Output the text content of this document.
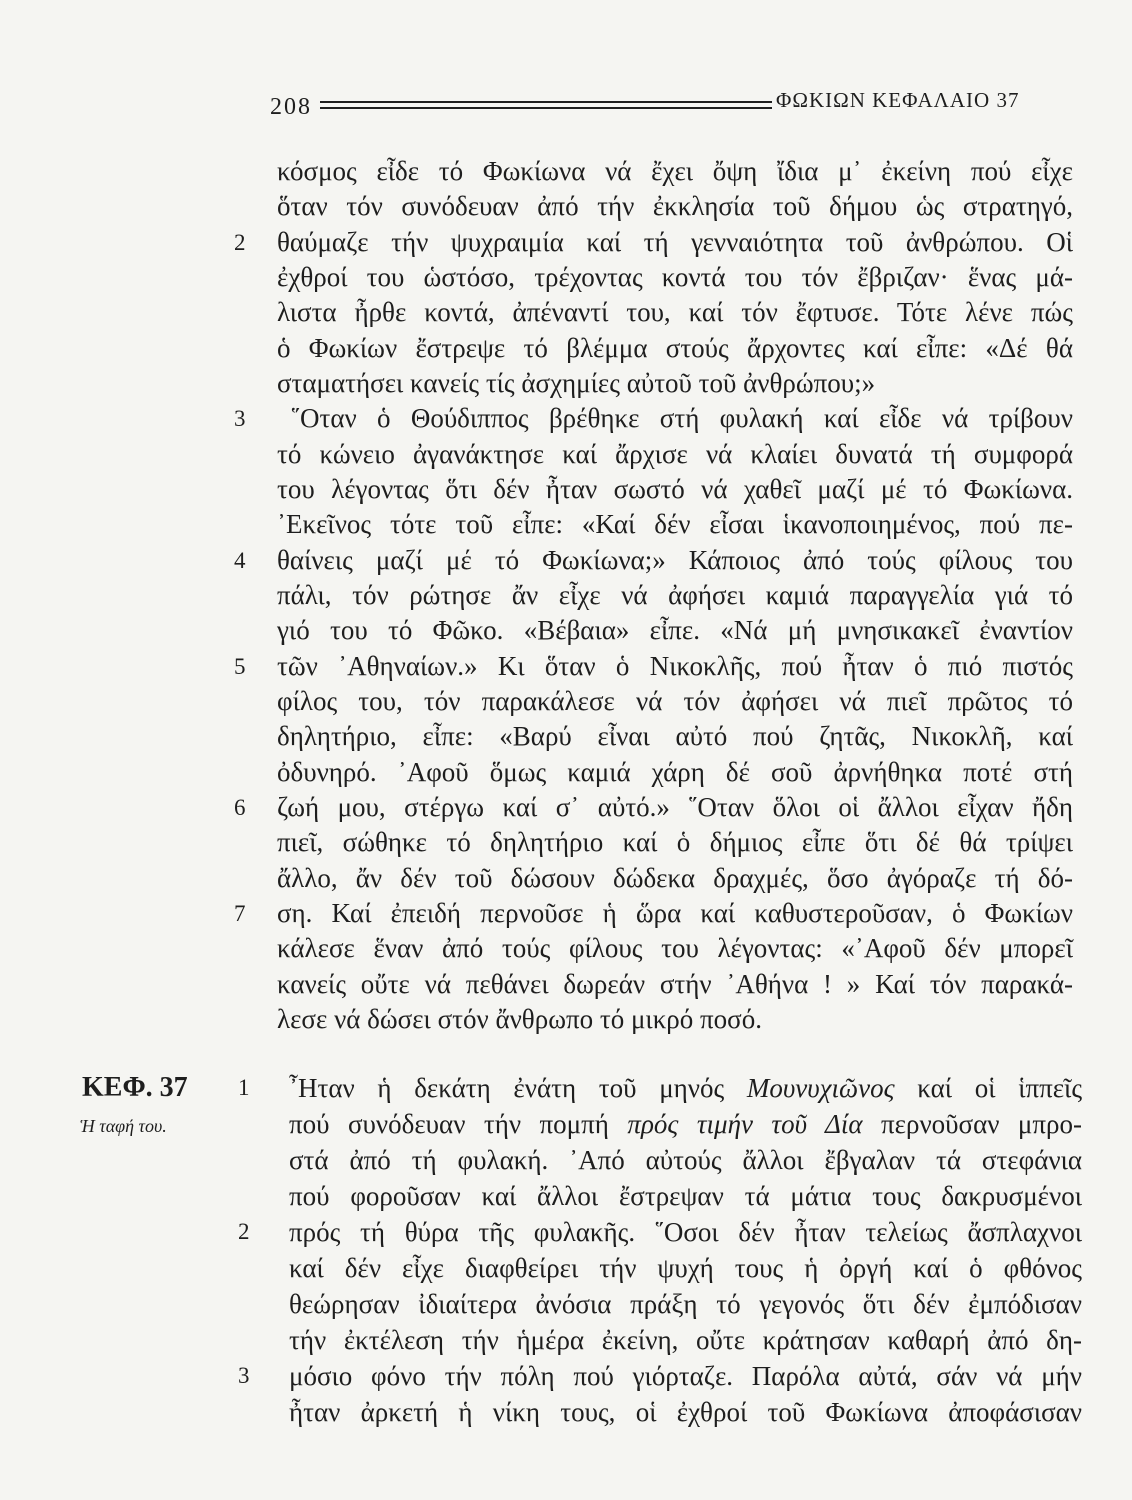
208	ΦΩΚΙΩΝ ΚΕΦΑΛΑΙΟ 37
κόσμος εἶδε τό Φωκίωνα νά ἔχει ὄψη ἴδια μ᾿ ἐκείνη πού εἶχε
ὅταν τόν συνόδευαν ἀπό τήν ἐκκλησία τοῦ δήμου ὡς στρατηγό,
2 θαύμαζε τήν ψυχραιμία καί τή γενναιότητα τοῦ ἀνθρώπου. Οἱ
ἐχθροί του ὡστόσο, τρέχοντας κοντά του τόν ἔβριζαν· ἕνας μά-
λιστα ἦρθε κοντά, ἀπέναντί του, καί τόν ἔφτυσε. Τότε λένε πώς
ὁ Φωκίων ἔστρεψε τό βλέμμα στούς ἄρχοντες καί εἶπε: «Δέ θά
σταματήσει κανείς τίς ἀσχημίες αὐτοῦ τοῦ ἀνθρώπου;»
3 ῞Οταν ὁ Θούδιππος βρέθηκε στή φυλακή καί εἶδε νά τρίβουν
τό κώνειο ἀγανάκτησε καί ἄρχισε νά κλαίει δυνατά τή συμφορά
του λέγοντας ὅτι δέν ἦταν σωστό νά χαθεῖ μαζί μέ τό Φωκίωνα.
᾿Εκεῖνος τότε τοῦ εἶπε: «Καί δέν εἶσαι ἱκανοποιημένος, πού πε-
4 θαίνεις μαζί μέ τό Φωκίωνα;» Κάποιος ἀπό τούς φίλους του
πάλι, τόν ρώτησε ἄν εἶχε νά ἀφήσει καμιά παραγγελία γιά τό
γιό του τό Φῶκο. «Βέβαια» εἶπε. «Νά μή μνησικακεῖ ἐναντίον
5 τῶν ᾿Αθηναίων.» Κι ὅταν ὁ Νικοκλῆς, πού ἦταν ὁ πιό πιστός
φίλος του, τόν παρακάλεσε νά τόν ἀφήσει νά πιεῖ πρῶτος τό
δηλητήριο, εἶπε: «Βαρύ εἶναι αὐτό πού ζητᾶς, Νικοκλῆ, καί
ὀδυνηρό. ᾿Αφοῦ ὅμως καμιά χάρη δέ σοῦ ἀρνήθηκα ποτέ στή
6 ζωή μου, στέργω καί σ᾿ αὐτό.» ῞Οταν ὅλοι οἱ ἄλλοι εἶχαν ἤδη
πιεῖ, σώθηκε τό δηλητήριο καί ὁ δήμιος εἶπε ὅτι δέ θά τρίψει
ἄλλο, ἄν δέν τοῦ δώσουν δώδεκα δραχμές, ὅσο ἀγόραζε τή δό-
7 ση. Καί ἐπειδή περνοῦσε ἡ ὥρα καί καθυστεροῦσαν, ὁ Φωκίων
κάλεσε ἕναν ἀπό τούς φίλους του λέγοντας: «᾿Αφοῦ δέν μπορεῖ
κανείς οὔτε νά πεθάνει δωρεάν στήν ᾿Αθήνα ! » Καί τόν παρακά-
λεσε νά δώσει στόν ἄνθρωπο τό μικρό ποσό.
ΚΕΦ. 37
Ἡ ταφή του.
1 ῏Ηταν ἡ δεκάτη ἐνάτη τοῦ μηνός Μουνυχιῶνος καί οἱ ἱππεῖς
πού συνόδευαν τήν πομπή πρός τιμήν τοῦ Δία περνοῦσαν μπρο-
στά ἀπό τή φυλακή. ᾿Από αὐτούς ἄλλοι ἔβγαλαν τά στεφάνια
πού φοροῦσαν καί ἄλλοι ἔστρεψαν τά μάτια τους δακρυσμένοι
2 πρός τή θύρα τῆς φυλακῆς. ῞Οσοι δέν ἦταν τελείως ἄσπλαχνοι
καί δέν εἶχε διαφθείρει τήν ψυχή τους ἡ ὀργή καί ὁ φθόνος
θεώρησαν ἰδιαίτερα ἀνόσια πράξη τό γεγονός ὅτι δέν ἐμπόδισαν
τήν ἐκτέλεση τήν ἡμέρα ἐκείνη, οὔτε κράτησαν καθαρή ἀπό δη-
3 μόσιο φόνο τήν πόλη πού γιόρταζε. Παρόλα αὐτά, σάν νά μήν
ἦταν ἀρκετή ἡ νίκη τους, οἱ ἐχθροί τοῦ Φωκίωνα ἀποφάσισαν
